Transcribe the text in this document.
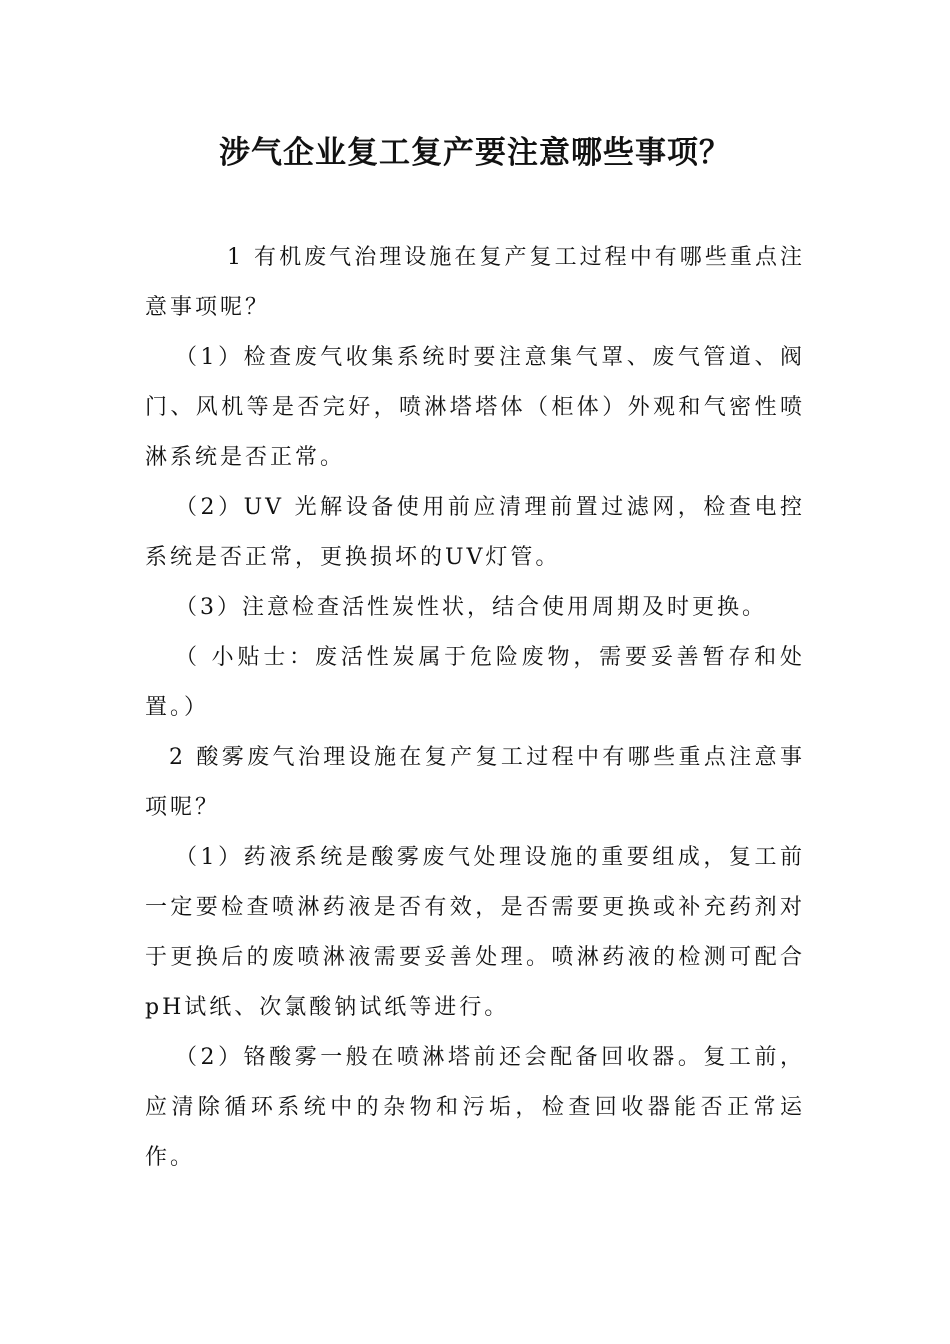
涉气企业复工复产要注意哪些事项？

1 有机废气治理设施在复产复工过程中有哪些重点注意事项呢？

（1）检查废气收集系统时要注意集气罩、废气管道、阀门、风机等是否完好，喷淋塔塔体（柜体）外观和气密性喷淋系统是否正常。

（2）UV 光解设备使用前应清理前置过滤网，检查电控系统是否正常，更换损坏的UV灯管。

（3）注意检查活性炭性状，结合使用周期及时更换。

（ 小贴士：废活性炭属于危险废物，需要妥善暂存和处置。）

2 酸雾废气治理设施在复产复工过程中有哪些重点注意事项呢？

（1）药液系统是酸雾废气处理设施的重要组成，复工前一定要检查喷淋药液是否有效，是否需要更换或补充药剂对于更换后的废喷淋液需要妥善处理。喷淋药液的检测可配合pH试纸、次氯酸钠试纸等进行。

（2）铬酸雾一般在喷淋塔前还会配备回收器。复工前，应清除循环系统中的杂物和污垢，检查回收器能否正常运作。
